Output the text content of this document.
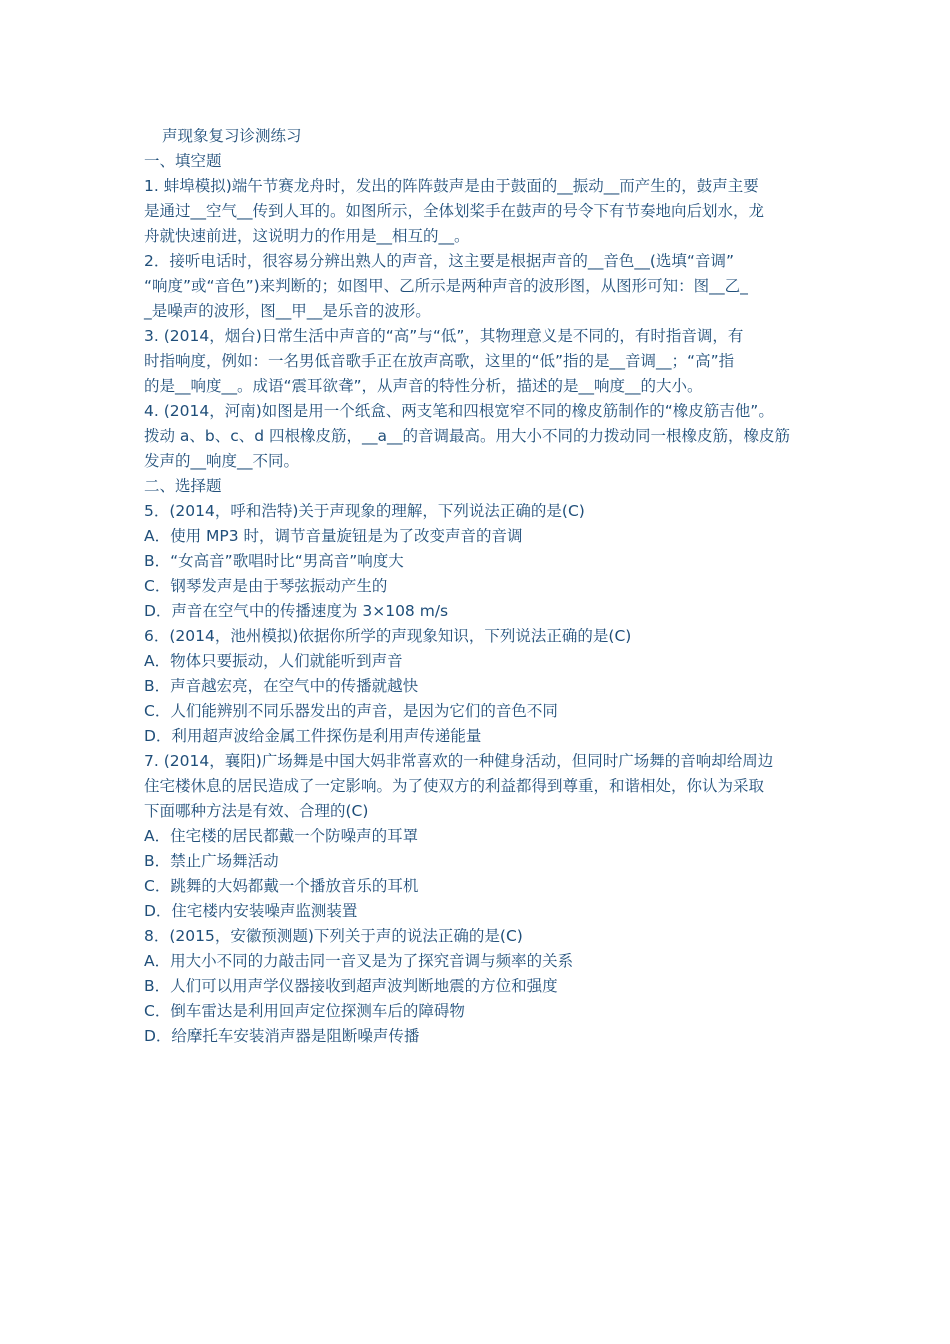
声现象复习诊测练习
一、填空题
1. 蚌埠模拟)端午节赛龙舟时，发出的阵阵鼓声是由于鼓面的__振动__而产生的，鼓声主要
是通过__空气__传到人耳的。如图所示，全体划桨手在鼓声的号令下有节奏地向后划水，龙
舟就快速前进，这说明力的作用是__相互的__。
2．接听电话时，很容易分辨出熟人的声音，这主要是根据声音的__音色__(选填“音调”
“响度”或“音色”)来判断的；如图甲、乙所示是两种声音的波形图，从图形可知：图__乙_
_是噪声的波形，图__甲__是乐音的波形。
3. (2014，烟台)日常生活中声音的“高”与“低”，其物理意义是不同的，有时指音调，有
时指响度，例如：一名男低音歌手正在放声高歌，这里的“低”指的是__音调__；“高”指
的是__响度__。成语“震耳欲聋”，从声音的特性分析，描述的是__响度__的大小。
4. (2014，河南)如图是用一个纸盒、两支笔和四根宽窄不同的橡皮筋制作的“橡皮筋吉他”。
拨动 a、b、c、d 四根橡皮筋，__a__的音调最高。用大小不同的力拨动同一根橡皮筋，橡皮筋
发声的__响度__不同。
二、选择题
5．(2014，呼和浩特)关于声现象的理解，下列说法正确的是(C)
A．使用 MP3 时，调节音量旋钮是为了改变声音的音调
B．“女高音”歌唱时比“男高音”响度大
C．钢琴发声是由于琴弦振动产生的
D．声音在空气中的传播速度为 3×108 m/s
6．(2014，池州模拟)依据你所学的声现象知识，下列说法正确的是(C)
A．物体只要振动，人们就能听到声音
B．声音越宏亮，在空气中的传播就越快
C．人们能辨别不同乐器发出的声音，是因为它们的音色不同
D．利用超声波给金属工件探伤是利用声传递能量
7. (2014，襄阳)广场舞是中国大妈非常喜欢的一种健身活动，但同时广场舞的音响却给周边
住宅楼休息的居民造成了一定影响。为了使双方的利益都得到尊重，和谐相处，你认为采取
下面哪种方法是有效、合理的(C)
A．住宅楼的居民都戴一个防噪声的耳罩
B．禁止广场舞活动
C．跳舞的大妈都戴一个播放音乐的耳机
D．住宅楼内安装噪声监测装置
8．(2015，安徽预测题)下列关于声的说法正确的是(C)
A．用大小不同的力敲击同一音叉是为了探究音调与频率的关系
B．人们可以用声学仪器接收到超声波判断地震的方位和强度
C．倒车雷达是利用回声定位探测车后的障碍物
D．给摩托车安装消声器是阻断噪声传播
